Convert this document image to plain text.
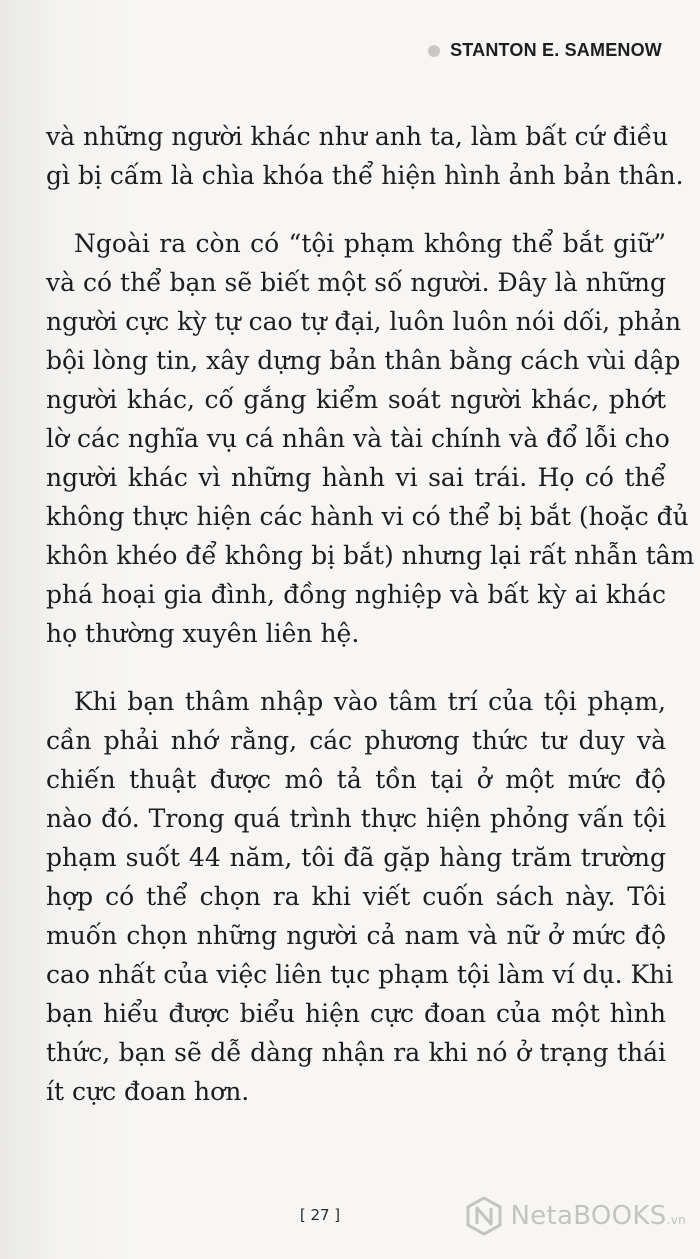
STANTON E. SAMENOW

và những người khác như anh ta, làm bất cứ điều
gì bị cấm là chìa khóa thể hiện hình ảnh bản thân.

Ngoài ra còn có “tội phạm không thể bắt giữ”
và có thể bạn sẽ biết một số người. Đây là những
người cực kỳ tự cao tự đại, luôn luôn nói dối, phản
bội lòng tin, xây dựng bản thân bằng cách vùi dập
người khác, cố gắng kiểm soát người khác, phớt
lờ các nghĩa vụ cá nhân và tài chính và đổ lỗi cho
người khác vì những hành vi sai trái. Họ có thể
không thực hiện các hành vi có thể bị bắt (hoặc đủ
khôn khéo để không bị bắt) nhưng lại rất nhẫn tâm
phá hoại gia đình, đồng nghiệp và bất kỳ ai khác
họ thường xuyên liên hệ.

Khi bạn thâm nhập vào tâm trí của tội phạm,
cần phải nhớ rằng, các phương thức tư duy và
chiến thuật được mô tả tồn tại ở một mức độ
nào đó. Trong quá trình thực hiện phỏng vấn tội
phạm suốt 44 năm, tôi đã gặp hàng trăm trường
hợp có thể chọn ra khi viết cuốn sách này. Tôi
muốn chọn những người cả nam và nữ ở mức độ
cao nhất của việc liên tục phạm tội làm ví dụ. Khi
bạn hiểu được biểu hiện cực đoan của một hình
thức, bạn sẽ dễ dàng nhận ra khi nó ở trạng thái
ít cực đoan hơn.

[ 27 ]	NetaBOOKS.vn
